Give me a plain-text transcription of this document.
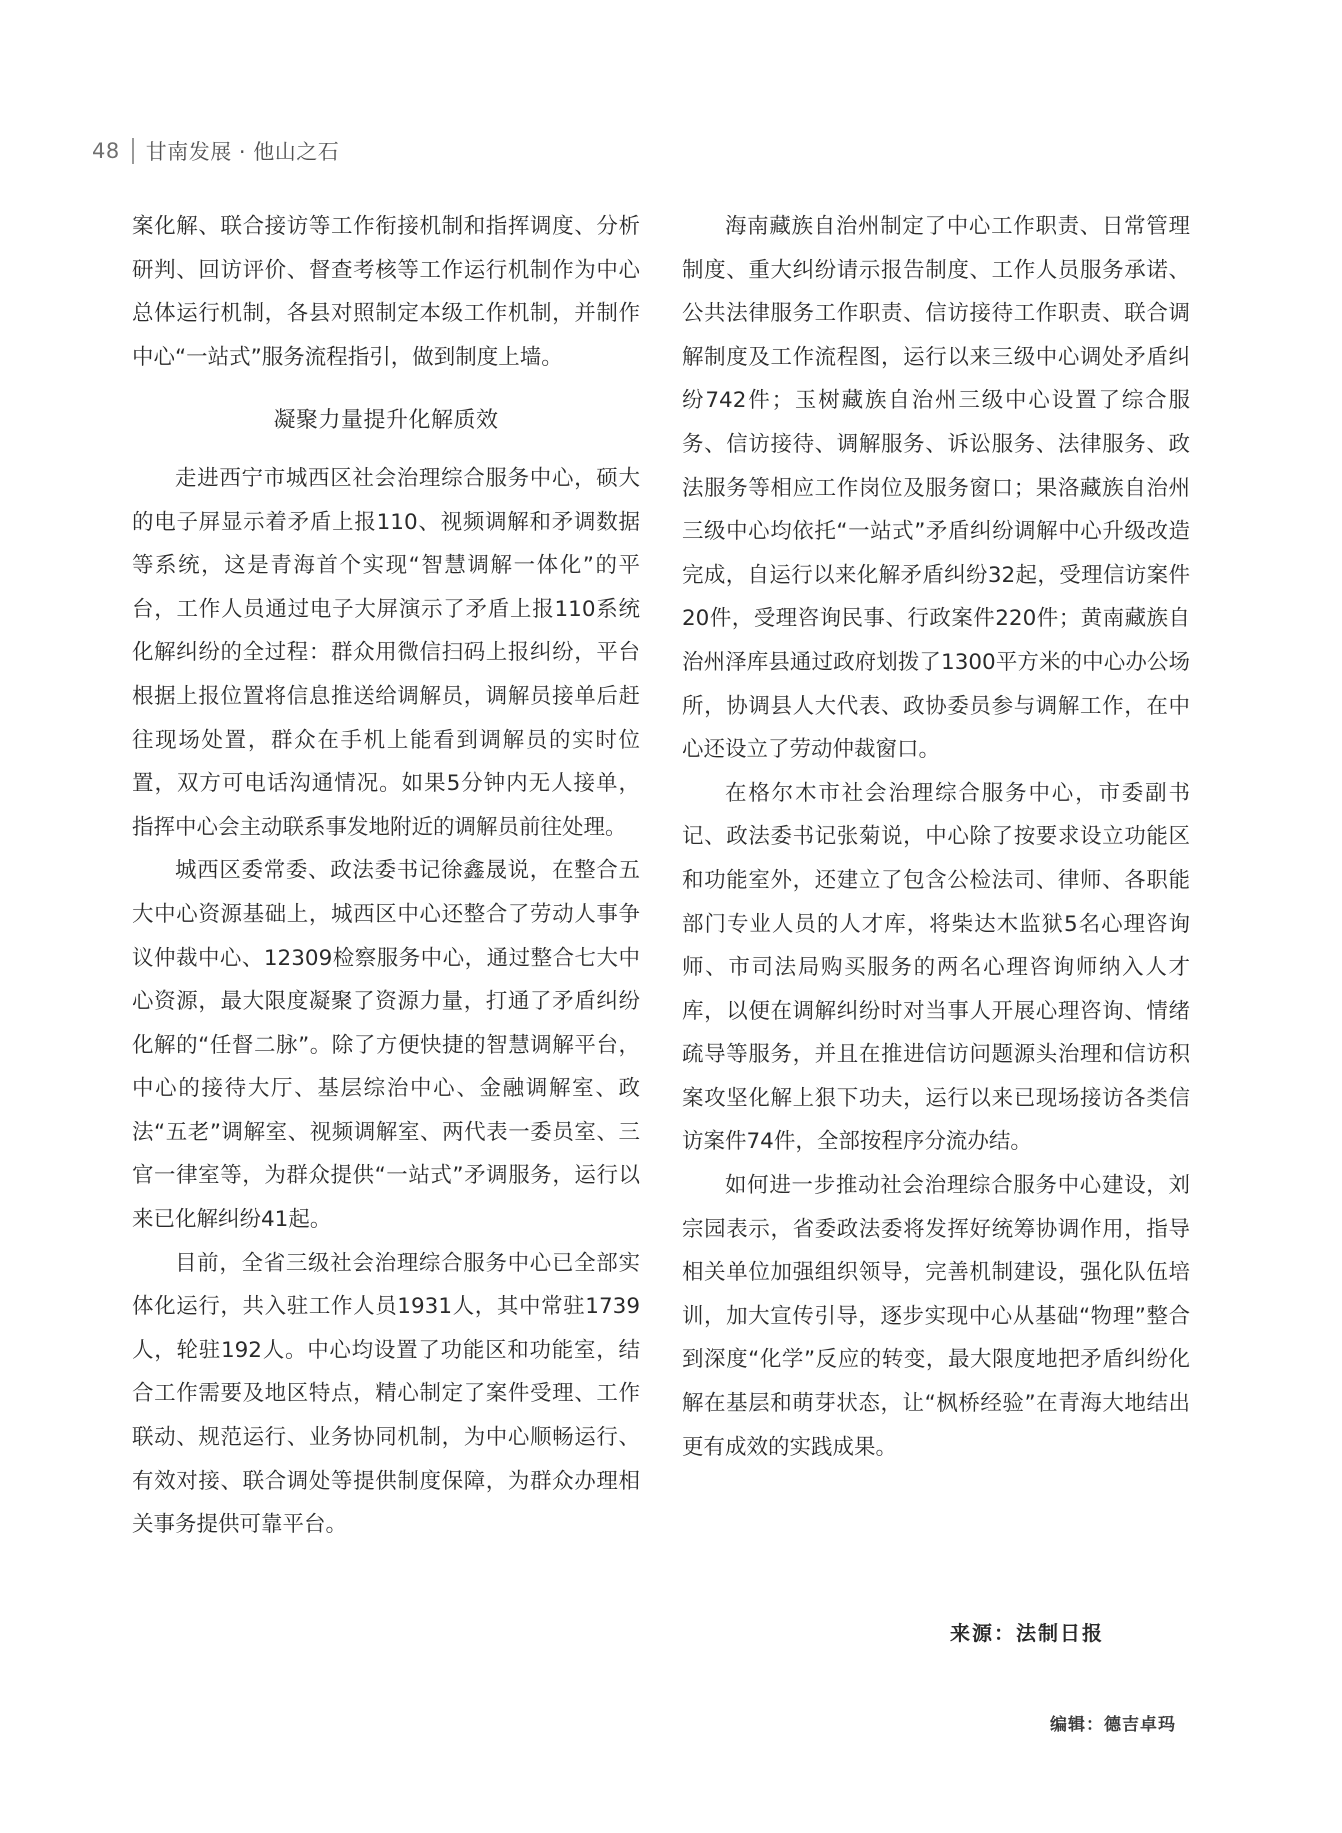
48 甘南发展 · 他山之石

案化解、联合接访等工作衔接机制和指挥调度、分析研判、回访评价、督查考核等工作运行机制作为中心总体运行机制，各县对照制定本级工作机制，并制作中心“一站式”服务流程指引，做到制度上墙。

凝聚力量提升化解质效

走进西宁市城西区社会治理综合服务中心，硕大的电子屏显示着矛盾上报110、视频调解和矛调数据等系统，这是青海首个实现“智慧调解一体化”的平台，工作人员通过电子大屏演示了矛盾上报110系统化解纠纷的全过程：群众用微信扫码上报纠纷，平台根据上报位置将信息推送给调解员，调解员接单后赶往现场处置，群众在手机上能看到调解员的实时位置，双方可电话沟通情况。如果5分钟内无人接单，指挥中心会主动联系事发地附近的调解员前往处理。

城西区委常委、政法委书记徐鑫晟说，在整合五大中心资源基础上，城西区中心还整合了劳动人事争议仲裁中心、12309检察服务中心，通过整合七大中心资源，最大限度凝聚了资源力量，打通了矛盾纠纷化解的“任督二脉”。除了方便快捷的智慧调解平台，中心的接待大厅、基层综治中心、金融调解室、政法“五老”调解室、视频调解室、两代表一委员室、三官一律室等，为群众提供“一站式”矛调服务，运行以来已化解纠纷41起。

目前，全省三级社会治理综合服务中心已全部实体化运行，共入驻工作人员1931人，其中常驻1739人，轮驻192人。中心均设置了功能区和功能室，结合工作需要及地区特点，精心制定了案件受理、工作联动、规范运行、业务协同机制，为中心顺畅运行、有效对接、联合调处等提供制度保障，为群众办理相关事务提供可靠平台。

海南藏族自治州制定了中心工作职责、日常管理制度、重大纠纷请示报告制度、工作人员服务承诺、公共法律服务工作职责、信访接待工作职责、联合调解制度及工作流程图，运行以来三级中心调处矛盾纠纷742件；玉树藏族自治州三级中心设置了综合服务、信访接待、调解服务、诉讼服务、法律服务、政法服务等相应工作岗位及服务窗口；果洛藏族自治州三级中心均依托“一站式”矛盾纠纷调解中心升级改造完成，自运行以来化解矛盾纠纷32起，受理信访案件20件，受理咨询民事、行政案件220件；黄南藏族自治州泽库县通过政府划拨了1300平方米的中心办公场所，协调县人大代表、政协委员参与调解工作，在中心还设立了劳动仲裁窗口。

在格尔木市社会治理综合服务中心，市委副书记、政法委书记张菊说，中心除了按要求设立功能区和功能室外，还建立了包含公检法司、律师、各职能部门专业人员的人才库，将柴达木监狱5名心理咨询师、市司法局购买服务的两名心理咨询师纳入人才库，以便在调解纠纷时对当事人开展心理咨询、情绪疏导等服务，并且在推进信访问题源头治理和信访积案攻坚化解上狠下功夫，运行以来已现场接访各类信访案件74件，全部按程序分流办结。

如何进一步推动社会治理综合服务中心建设，刘宗园表示，省委政法委将发挥好统筹协调作用，指导相关单位加强组织领导，完善机制建设，强化队伍培训，加大宣传引导，逐步实现中心从基础“物理”整合到深度“化学”反应的转变，最大限度地把矛盾纠纷化解在基层和萌芽状态，让“枫桥经验”在青海大地结出更有成效的实践成果。

来源：法制日报
编辑：德吉卓玛
